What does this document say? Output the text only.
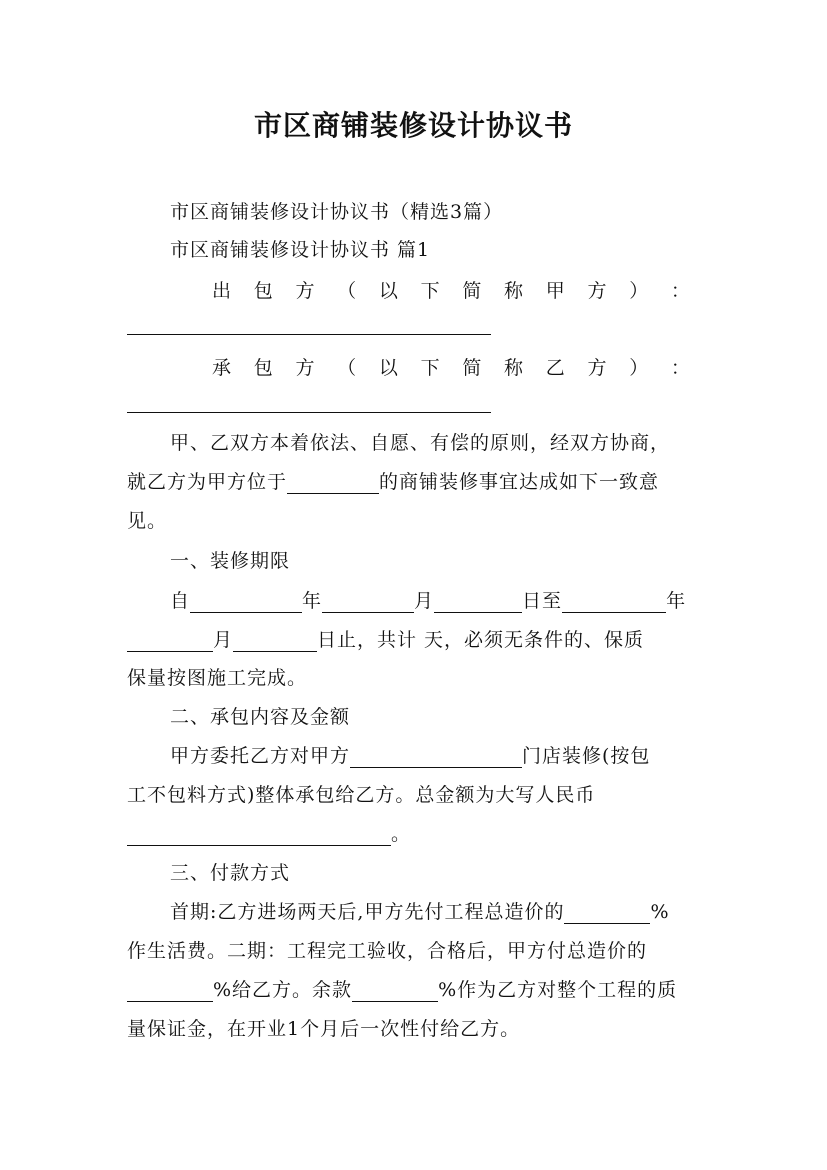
市区商铺装修设计协议书
市区商铺装修设计协议书（精选3篇）
市区商铺装修设计协议书 篇1
出 包 方 （ 以 下 简 称 甲 方 ） ：
承 包 方 （ 以 下 简 称 乙 方 ） ：
甲、乙双方本着依法、自愿、有偿的原则，经双方协商，
就乙方为甲方位于	的商铺装修事宜达成如下一致意
见。
一、装修期限
自	年	月	日至	年
月	日止，共计 天，必须无条件的、保质
保量按图施工完成。
二、承包内容及金额
甲方委托乙方对甲方	门店装修(按包
工不包料方式)整体承包给乙方。总金额为大写人民币
。
三、付款方式
首期:乙方进场两天后,甲方先付工程总造价的	%
作生活费。二期：工程完工验收，合格后，甲方付总造价的
%给乙方。余款	%作为乙方对整个工程的质
量保证金，在开业1个月后一次性付给乙方。
